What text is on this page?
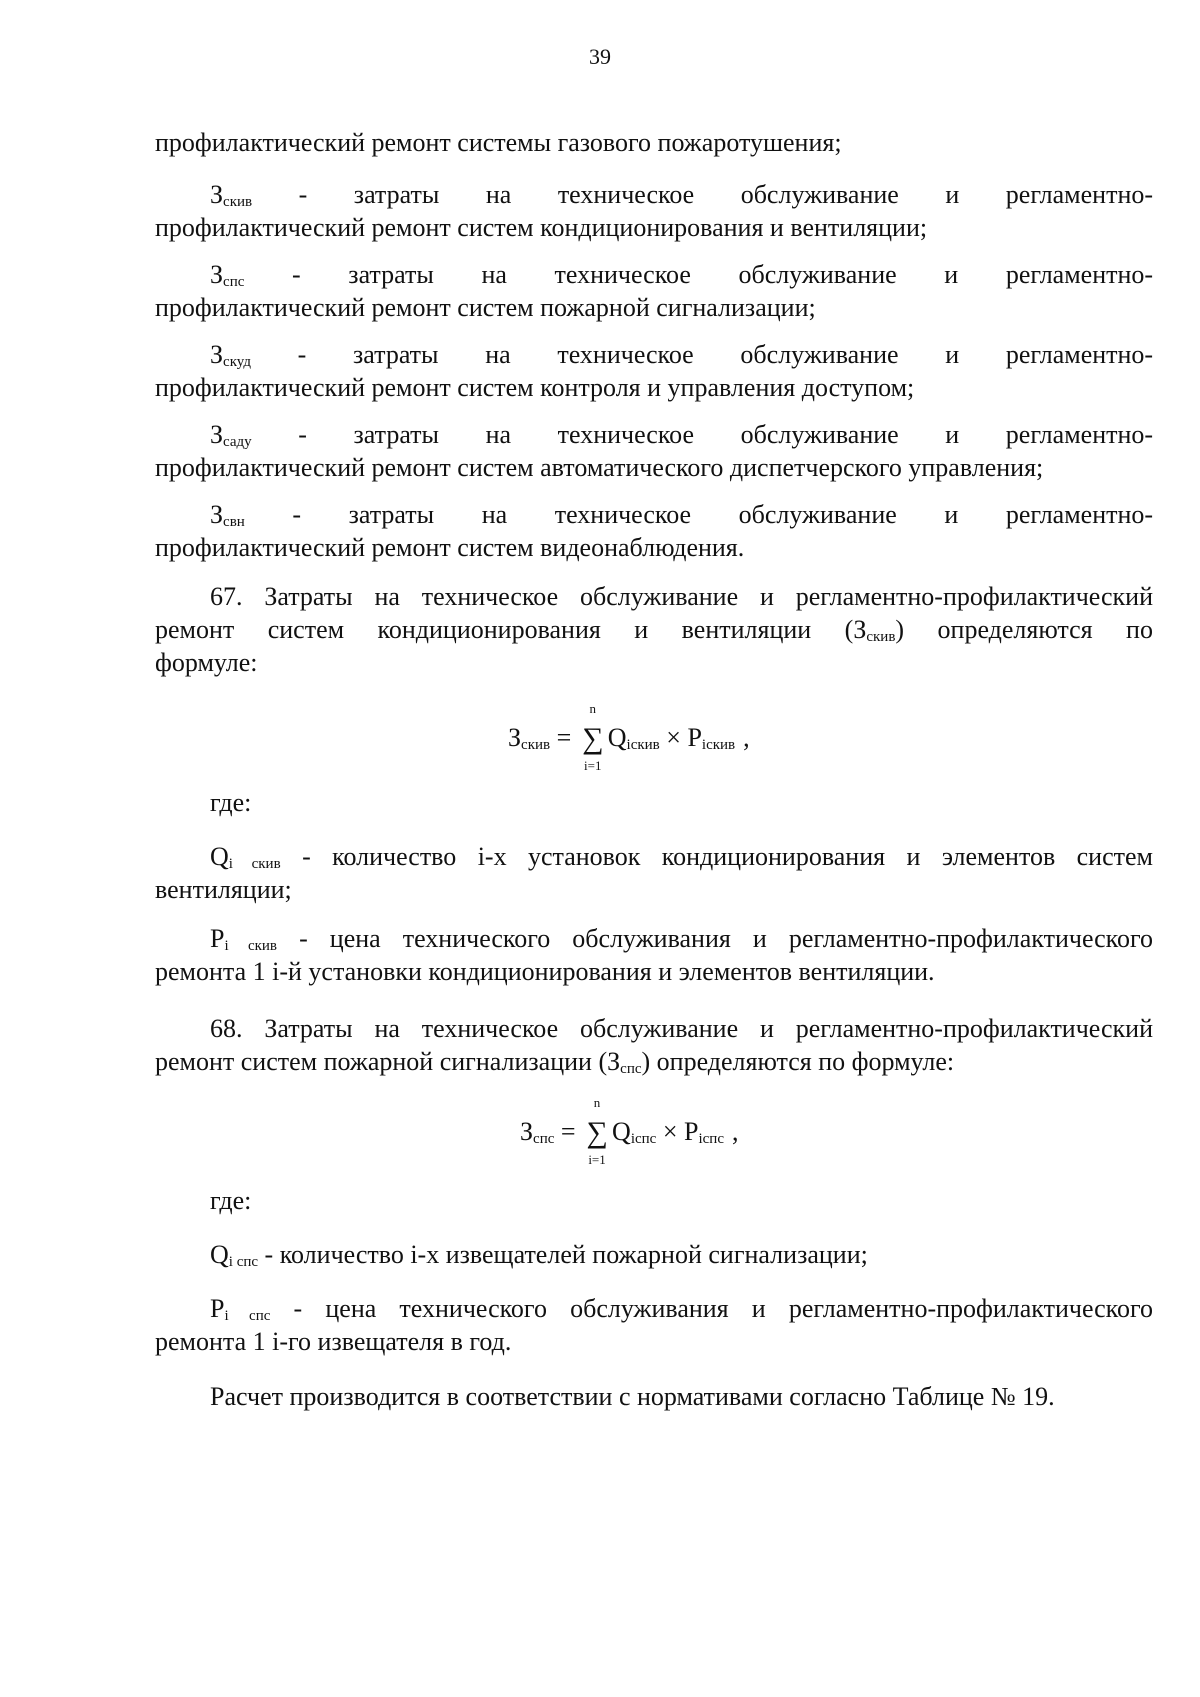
39
профилактический ремонт системы газового пожаротушения;
$З_{скив}$ - затраты на техническое обслуживание и регламентно-
профилактический ремонт систем кондиционирования и вентиляции;
$З_{спс}$ - затраты на техническое обслуживание и регламентно-
профилактический ремонт систем пожарной сигнализации;
$З_{скуд}$ - затраты на техническое обслуживание и регламентно-
профилактический ремонт систем контроля и управления доступом;
$З_{саду}$ - затраты на техническое обслуживание и регламентно-
профилактический ремонт систем автоматического диспетчерского управления;
$З_{свн}$ - затраты на техническое обслуживание и регламентно-
профилактический ремонт систем видеонаблюдения.
67. Затраты на техническое обслуживание и регламентно-профилактический
ремонт систем кондиционирования и вентиляции $(З_{скив})$ определяются по
формуле:
$З_{скив}$ =
n
∑
i=1
$Q_{iскив} \times P_{iскив}$ ,
где:
$Q_{i скив}$ - количество i-х установок кондиционирования и элементов систем
вентиляции;
$P_{i скив}$ - цена технического обслуживания и регламентно-профилактического
ремонта 1 i-й установки кондиционирования и элементов вентиляции.
68. Затраты на техническое обслуживание и регламентно-профилактический
ремонт систем пожарной сигнализации $(З_{спс})$ определяются по формуле:
$З_{спс}$ =
n
∑
i=1
$Q_{iспс} \times P_{iспс}$ ,
где:
$Q_{i спс}$ - количество i-х извещателей пожарной сигнализации;
$P_{i спс}$ - цена технического обслуживания и регламентно-профилактического
ремонта 1 i-го извещателя в год.
Расчет производится в соответствии с нормативами согласно Таблице № 19.
